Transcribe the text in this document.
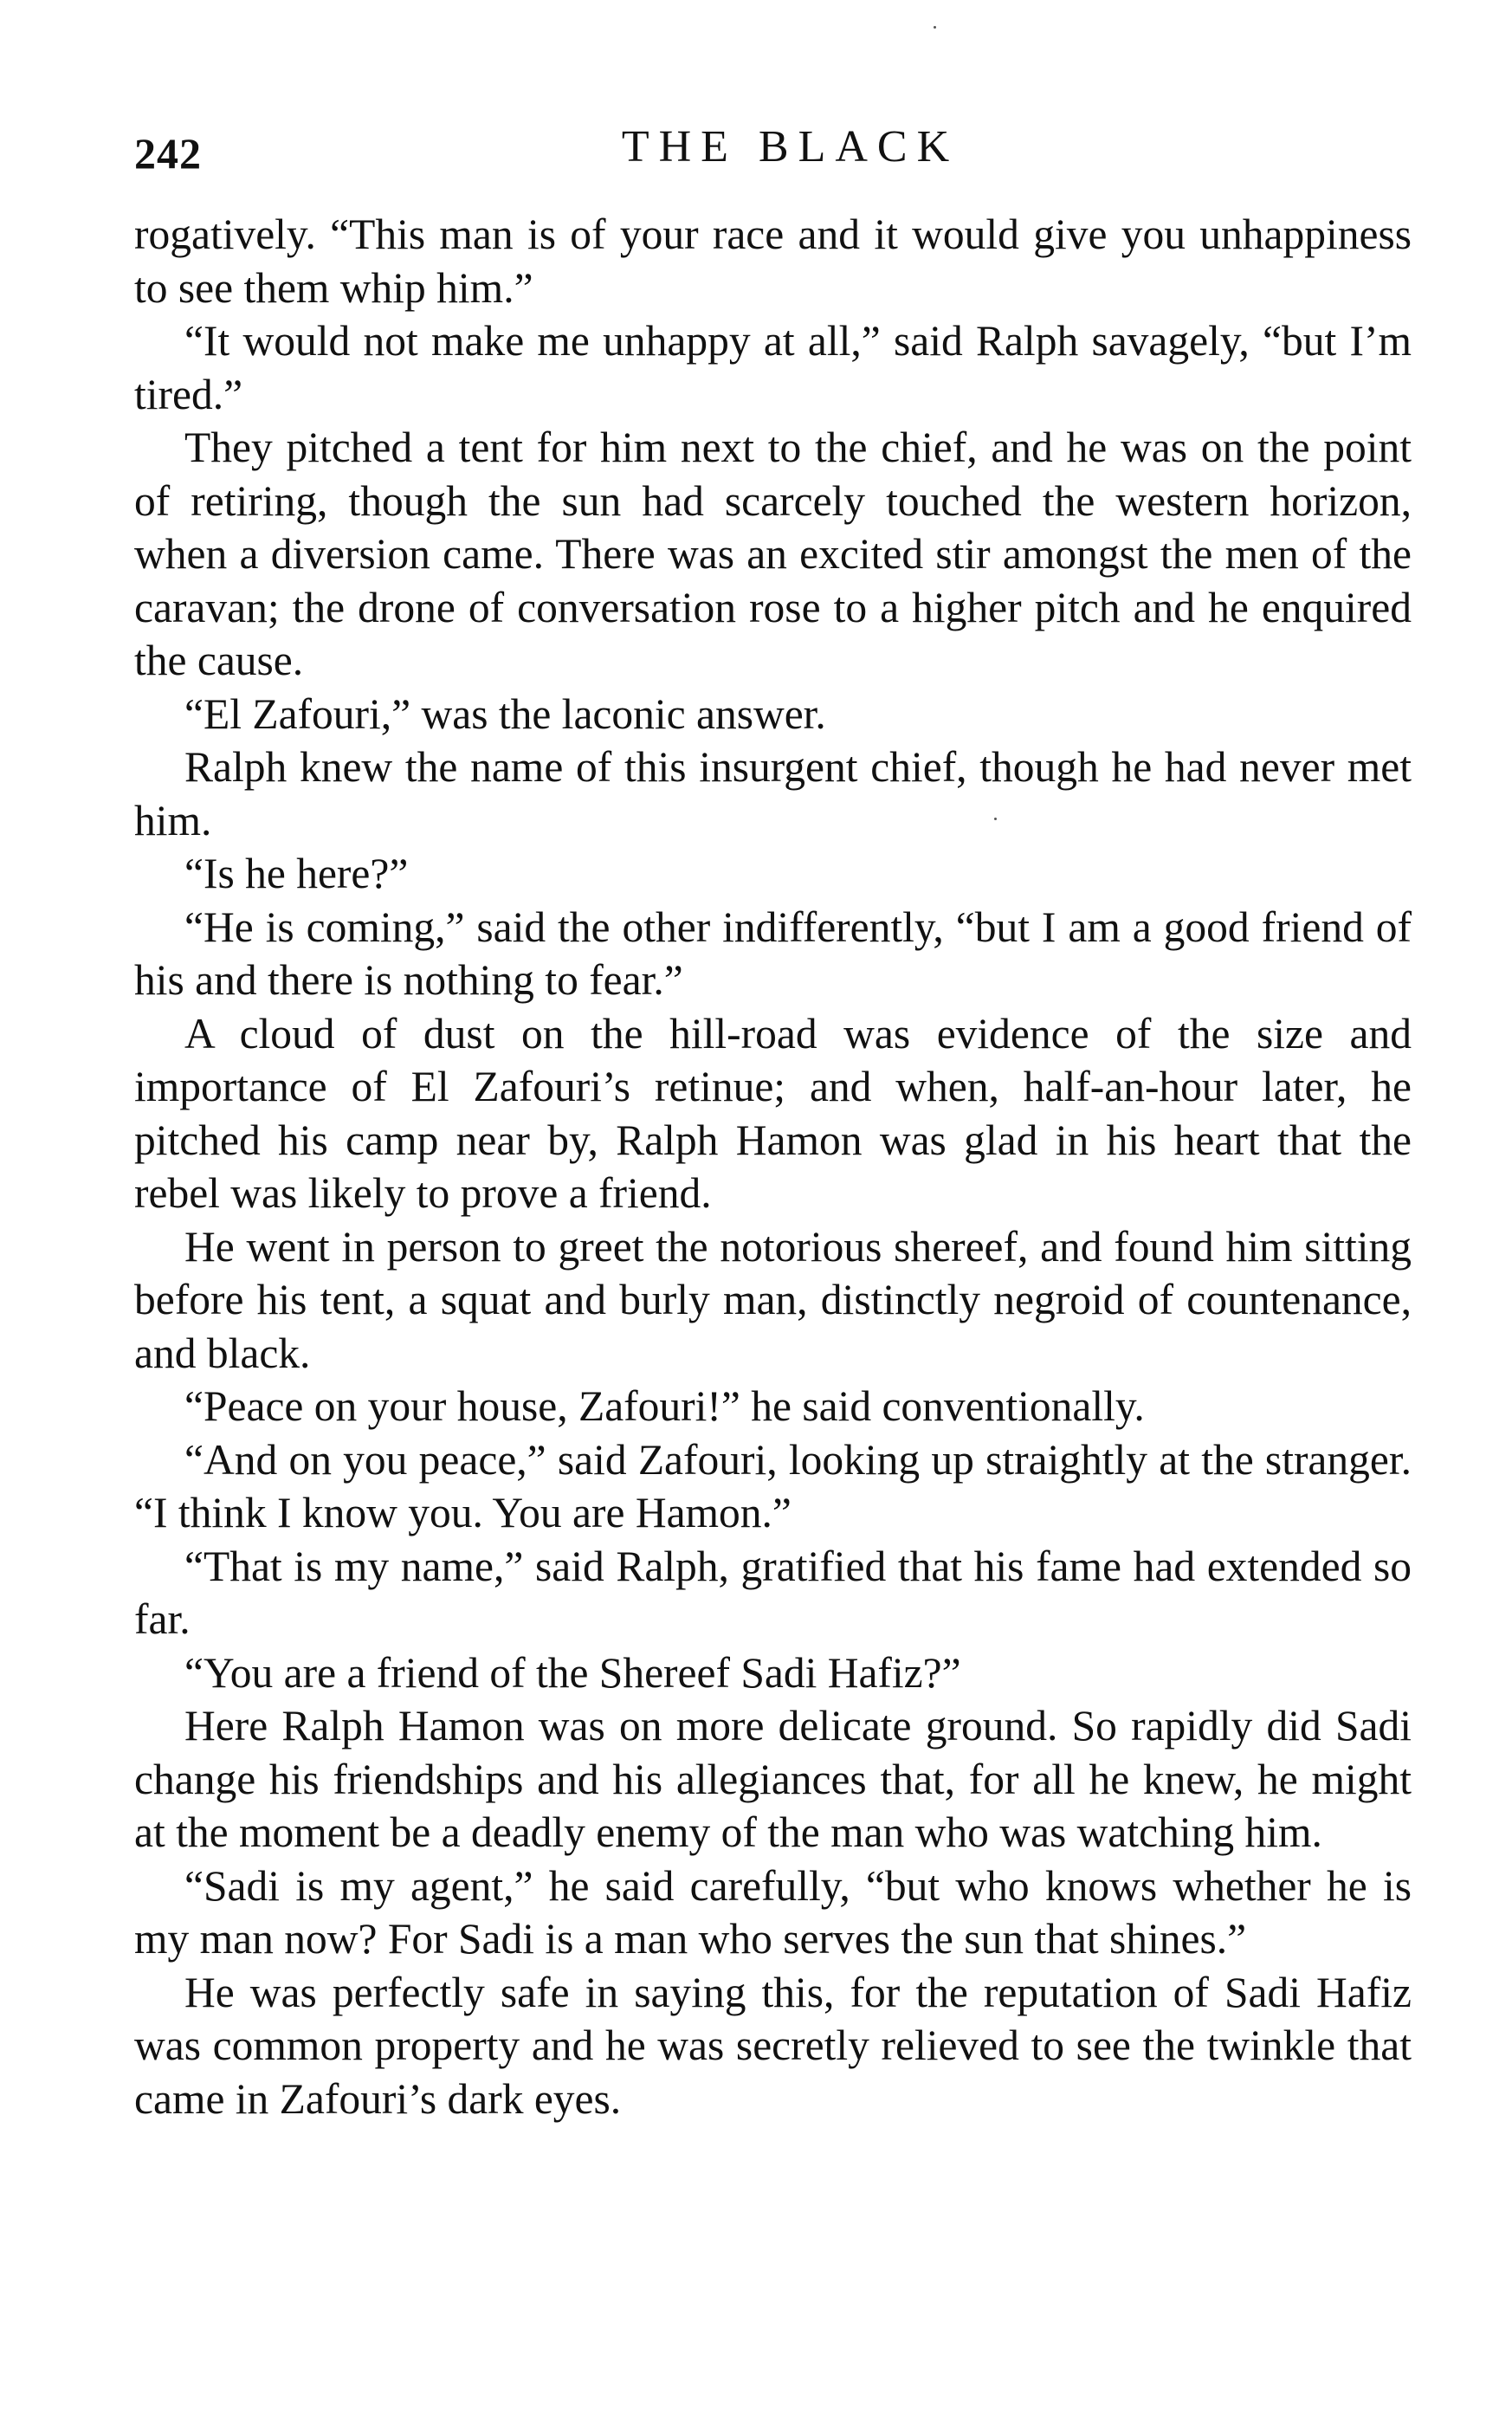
242	THE BLACK

rogatively. “This man is of your race and it would give you unhappiness to see them whip him.”

“It would not make me unhappy at all,” said Ralph savagely, “but I’m tired.”

They pitched a tent for him next to the chief, and he was on the point of retiring, though the sun had scarcely touched the western horizon, when a diversion came. There was an excited stir amongst the men of the caravan; the drone of conversation rose to a higher pitch and he enquired the cause.

“El Zafouri,” was the laconic answer.

Ralph knew the name of this insurgent chief, though he had never met him.

“Is he here?”

“He is coming,” said the other indifferently, “but I am a good friend of his and there is nothing to fear.”

A cloud of dust on the hill-road was evidence of the size and importance of El Zafouri’s retinue; and when, half-an-hour later, he pitched his camp near by, Ralph Hamon was glad in his heart that the rebel was likely to prove a friend.

He went in person to greet the notorious shereef, and found him sitting before his tent, a squat and burly man, distinctly negroid of countenance, and black.

“Peace on your house, Zafouri!” he said conventionally.

“And on you peace,” said Zafouri, looking up straightly at the stranger. “I think I know you. You are Hamon.”

“That is my name,” said Ralph, gratified that his fame had extended so far.

“You are a friend of the Shereef Sadi Hafiz?”

Here Ralph Hamon was on more delicate ground. So rapidly did Sadi change his friendships and his allegiances that, for all he knew, he might at the moment be a deadly enemy of the man who was watching him.

“Sadi is my agent,” he said carefully, “but who knows whether he is my man now? For Sadi is a man who serves the sun that shines.”

He was perfectly safe in saying this, for the reputation of Sadi Hafiz was common property and he was secretly relieved to see the twinkle that came in Zafouri’s dark eyes.
